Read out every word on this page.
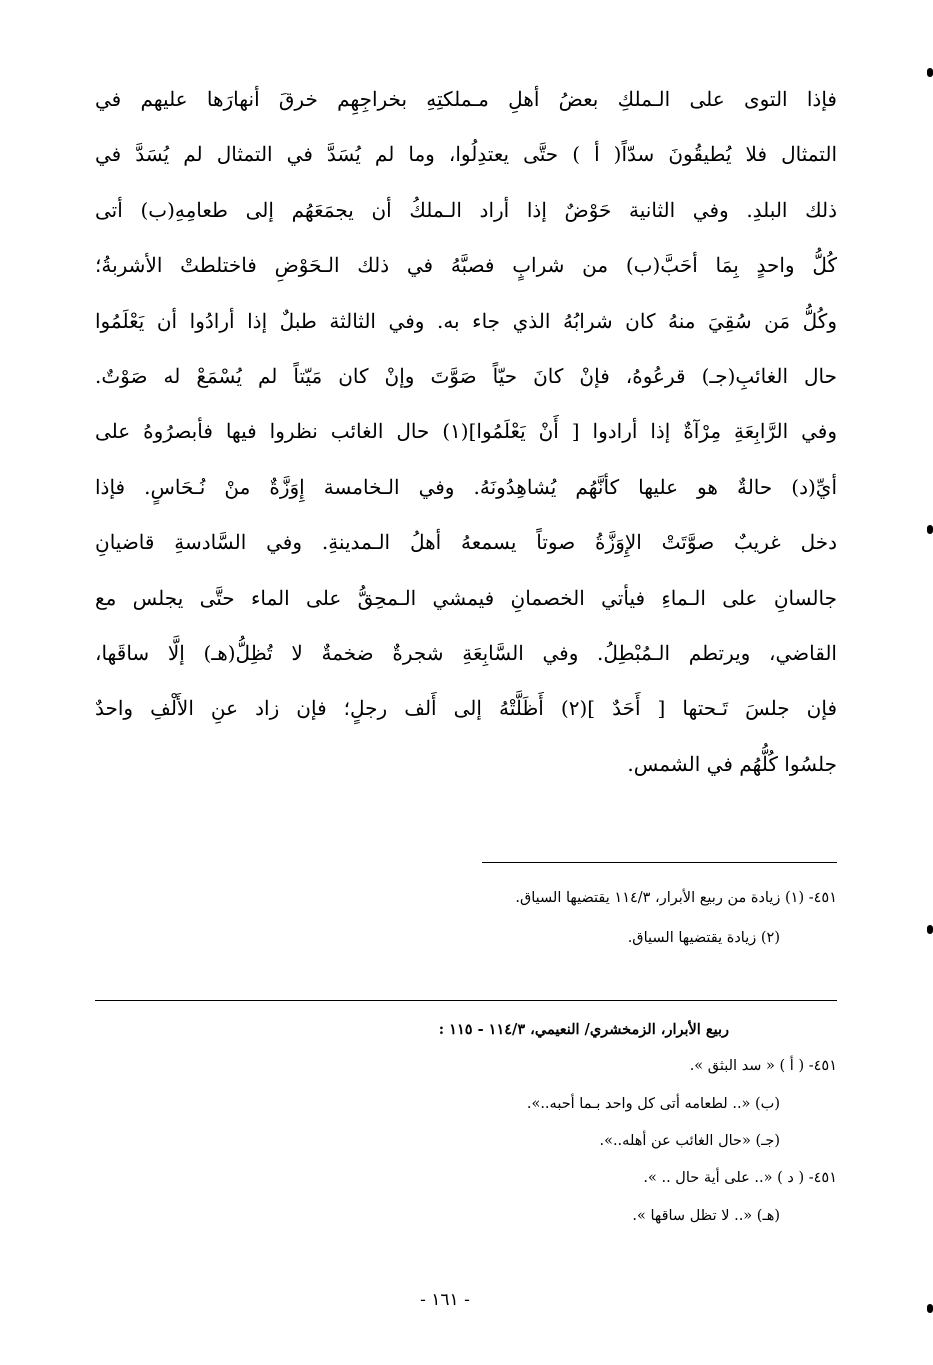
فإذا التوى على الـملكِ بعضُ أهلِ مـملكتِهِ بخراجِهِم خرقَ أنهارَها عليهم في
التمثال فلا يُطيقُونَ سدّاً( أ ) حتَّى يعتدِلُوا، وما لم يُسَدَّ في التمثال لم يُسَدَّ في
ذلك البلدِ. وفي الثانية حَوْضٌ إذا أراد الـملكُ أن يجمَعَهُم إلى طعامِهِ(ب) أتى
كُلُّ واحدٍ بِمَا أحَبَّ(ب) من شرابٍ فصبَّهُ في ذلك الـحَوْضِ فاختلطتْ الأشربةُ؛
وكُلُّ مَن سُقِيَ منهُ كان شرابُهُ الذي جاء به. وفي الثالثة طبلٌ إذا أرادُوا أن يَعْلَمُوا
حال الغائبِ(جـ) قرعُوهُ، فإنْ كانَ حيّاً صَوَّتَ وإنْ كان مَيّتاً لم يُسْمَعْ له صَوْتٌ.
وفي الرَّابِعَةِ مِرْآةٌ إذا أرادوا [ أَنْ يَعْلَمُوا](١) حال الغائب نظروا فيها فأبصرُوهُ على
أيِّ(د) حالةٌ هو عليها كأنَّهُم يُشاهِدُونَهُ. وفي الـخامسة إِوَزَّةٌ منْ نُـحَاسٍ. فإذا
دخل غريبٌ صوَّتَتْ الإِوَزَّةُ صوتاً يسمعهُ أهلُ الـمدينةِ. وفي السَّادسةِ قاضيانِ
جالسانِ على الـماءِ فيأتي الخصمانِ فيمشي الـمحِقُّ على الماء حتَّى يجلس مع
القاضي، ويرتطم الـمُبْطِلُ. وفي السَّابِعَةِ شجرةٌ ضخمةٌ لا تُظِلُّ(هـ) إلَّا ساقَها،
فإن جلسَ تَـحتها [ أَحَدٌ ](٢) أَظَلَّتْهُ إلى أَلف رجلٍ؛ فإن زاد عنِ الأَلْفِ واحدٌ
جلسُوا كُلُّهُم في الشمس.
٤٥١- (١) زيادة من ربيع الأبرار، ١١٤/٣ يقتضيها السياق.
(٢) زيادة يقتضيها السياق.
ربيع الأبرار، الزمخشري/ النعيمي، ١١٤/٣ - ١١٥ :
٤٥١- ( أ ) « سد البثق ».
(ب) «.. لطعامه أتى كل واحد بـما أحبه..».
(جـ) «حال الغائب عن أهله..».
٤٥١- ( د ) «.. على أية حال .. ».
(هـ) «.. لا تظل ساقها ».
- ١٦١ -
